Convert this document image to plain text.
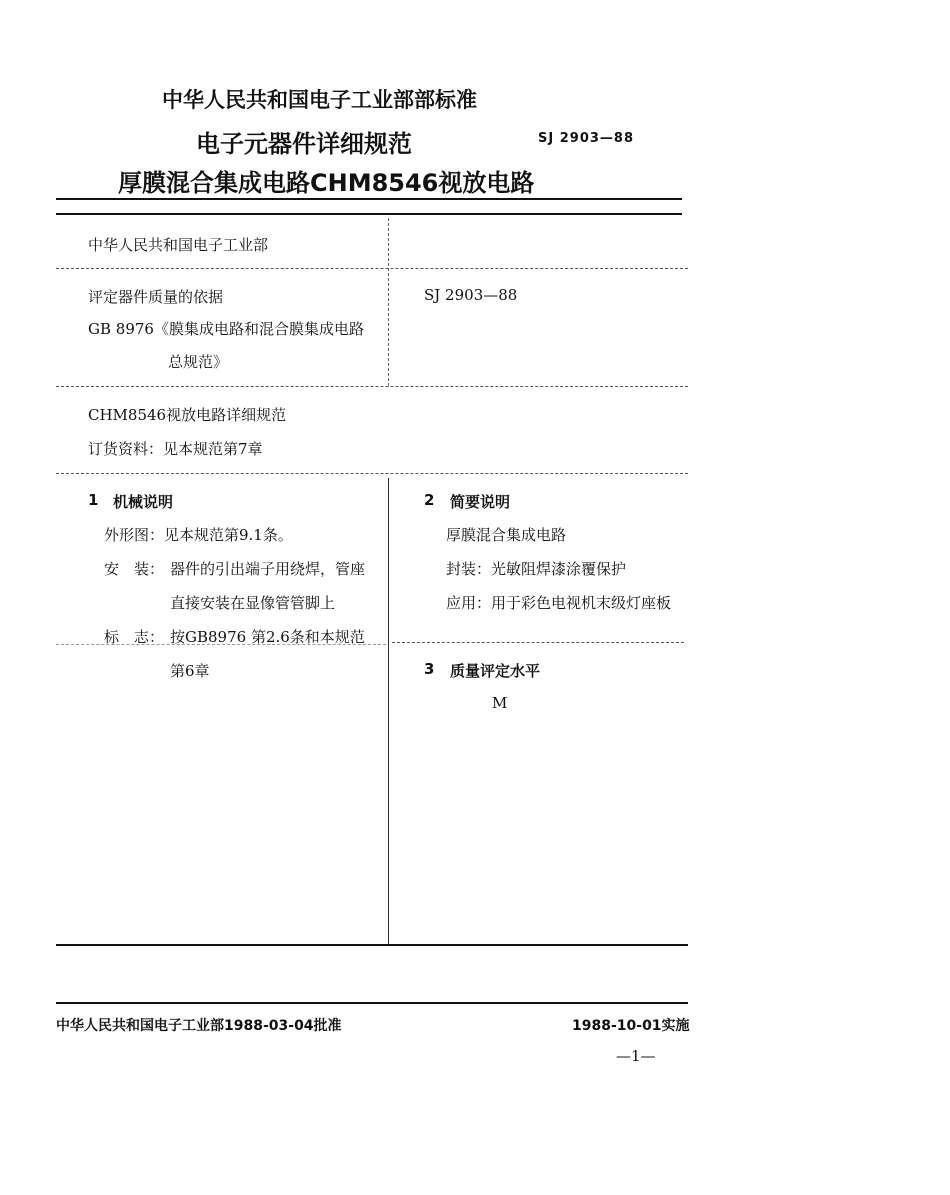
中华人民共和国电子工业部部标准
电子元器件详细规范	SJ 2903—88
厚膜混合集成电路CHM8546视放电路
中华人民共和国电子工业部
评定器件质量的依据
GB 8976《膜集成电路和混合膜集成电路
总规范》
SJ 2903—88
CHM8546视放电路详细规范
订货资料：见本规范第7章
1 机械说明
外形图：见本规范第9.1条。
安　装： 器件的引出端子用绕焊，管座
直接安装在显像管管脚上
标　志： 按GB8976 第2.6条和本规范
第6章
2 简要说明
厚膜混合集成电路
封装：光敏阻焊漆涂覆保护
应用：用于彩色电视机末级灯座板
3 质量评定水平
M
中华人民共和国电子工业部1988-03-04批准	1988-10-01实施
—1—
